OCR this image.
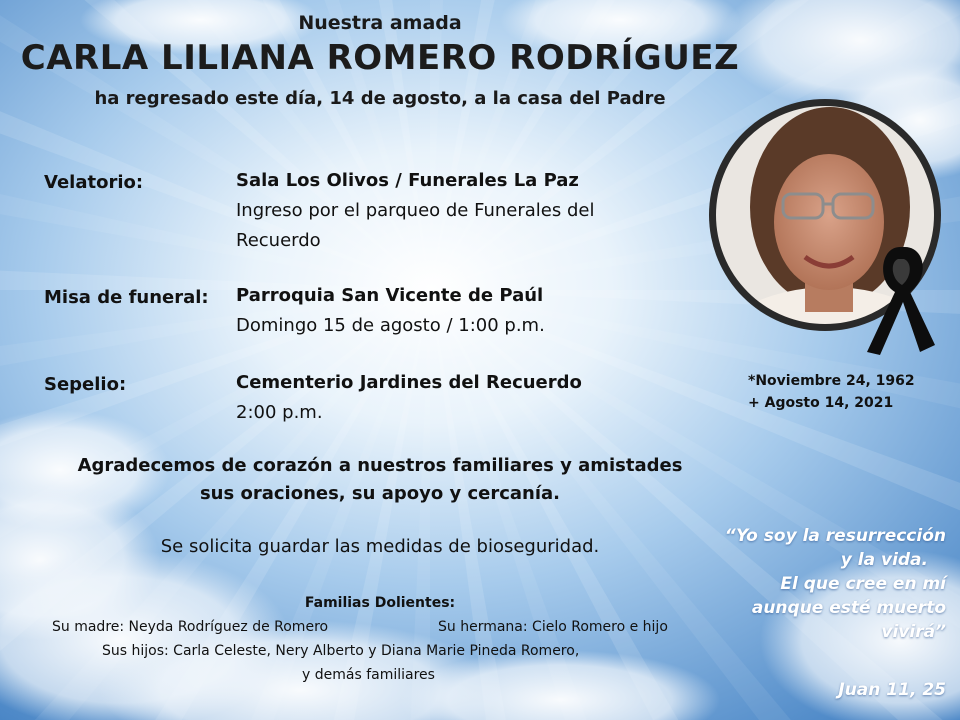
Nuestra amada
CARLA LILIANA ROMERO RODRÍGUEZ
ha regresado este día, 14 de agosto, a la casa del Padre
Velatorio:	Sala Los Olivos / Funerales La Paz
Ingreso por el parqueo de Funerales del
Recuerdo
Misa de funeral: Parroquia San Vicente de Paúl
Domingo 15 de agosto / 1:00 p.m.
Sepelio:	Cementerio Jardines del Recuerdo
2:00 p.m.
Agradecemos de corazón a nuestros familiares y amistades
sus oraciones, su apoyo y cercanía.
Se solicita guardar las medidas de bioseguridad.
Familias Dolientes:
Su madre: Neyda Rodríguez de Romero	Su hermana: Cielo Romero e hijo
Sus hijos: Carla Celeste, Nery Alberto y Diana Marie Pineda Romero,
y demás familiares
*Noviembre 24, 1962
+ Agosto 14, 2021
“Yo soy la resurrección
y la vida.
El que cree en mí
aunque esté muerto
vivirá”
Juan 11, 25
